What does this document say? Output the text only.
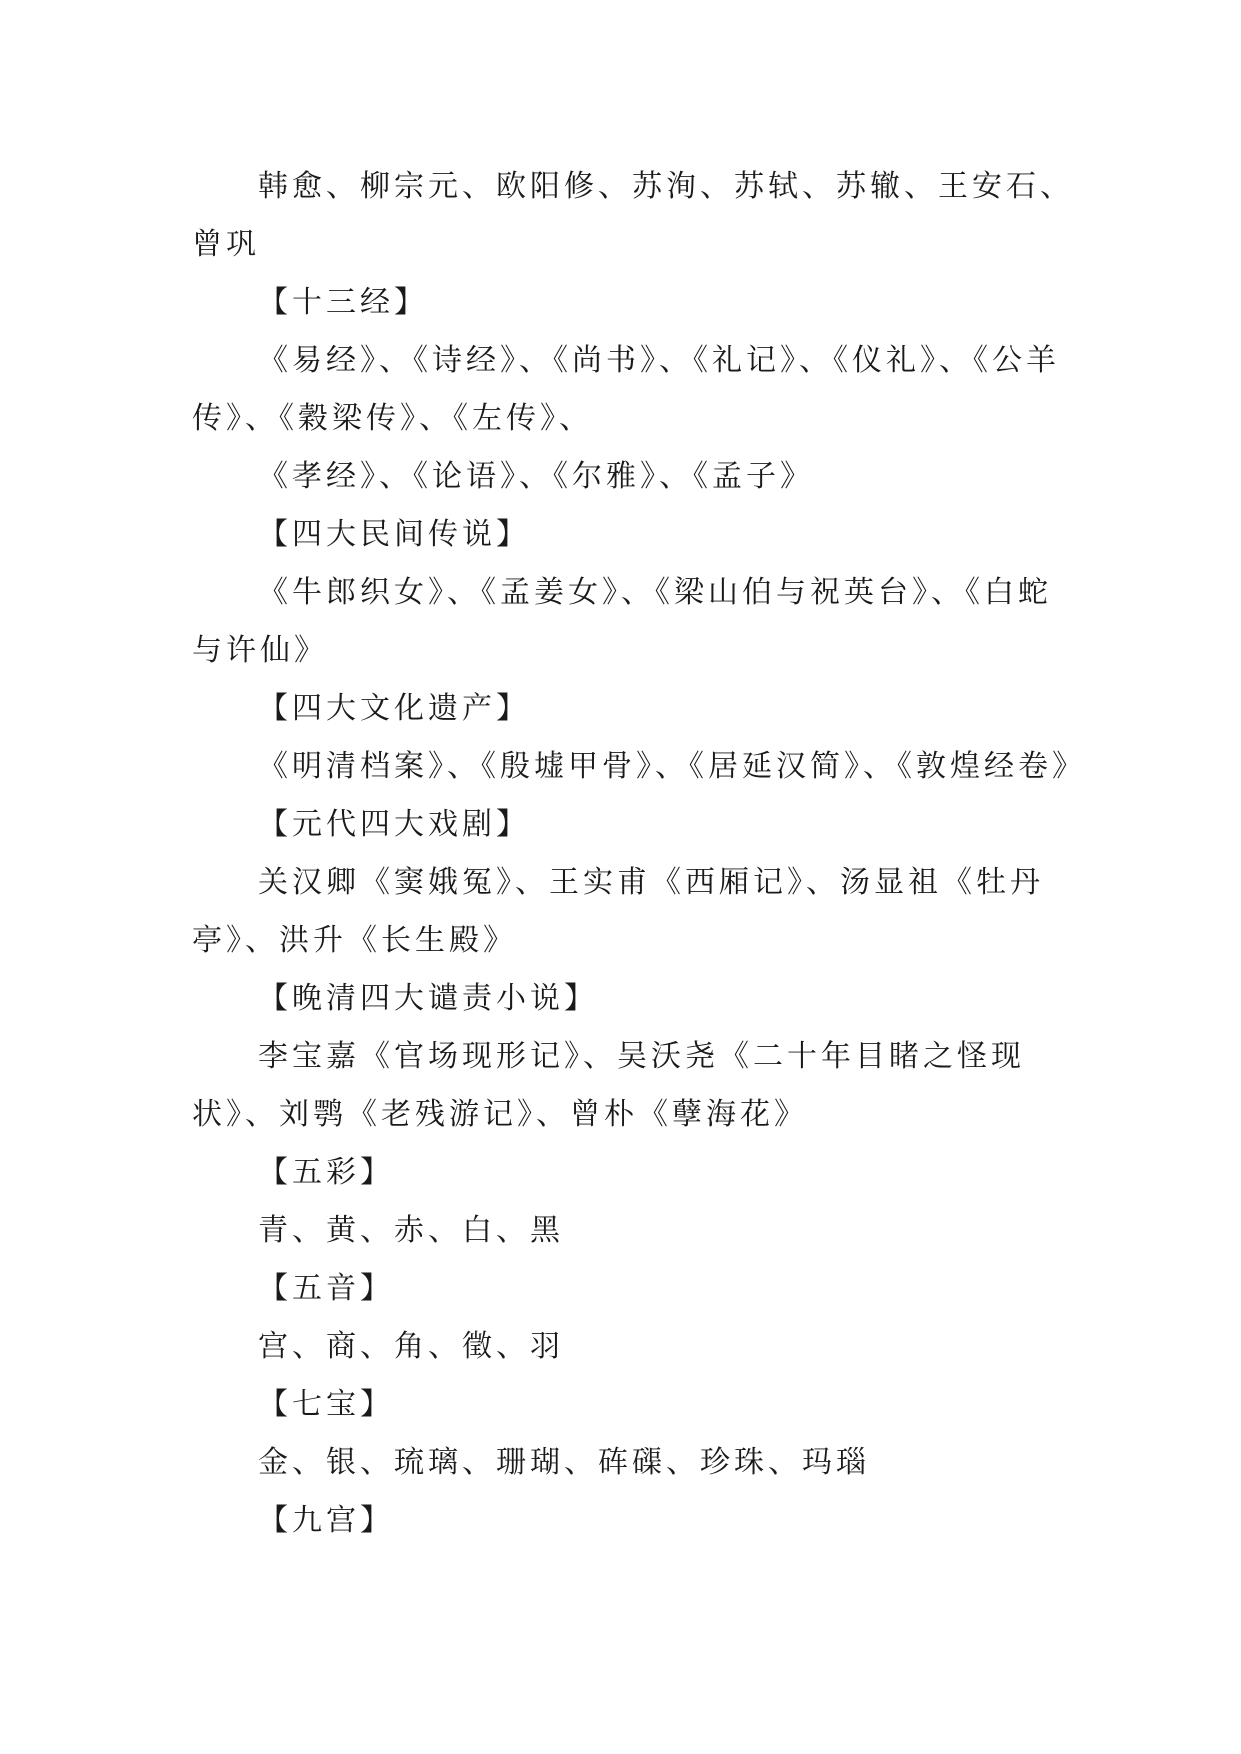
韩愈、柳宗元、欧阳修、苏洵、苏轼、苏辙、王安石、
曾巩
【十三经】
《易经》、《诗经》、《尚书》、《礼记》、《仪礼》、《公羊
传》、《穀梁传》、《左传》、
《孝经》、《论语》、《尔雅》、《孟子》
【四大民间传说】
《牛郎织女》、《孟姜女》、《梁山伯与祝英台》、《白蛇
与许仙》
【四大文化遗产】
《明清档案》、《殷墟甲骨》、《居延汉简》、《敦煌经卷》
【元代四大戏剧】
关汉卿《窦娥冤》、王实甫《西厢记》、汤显祖《牡丹
亭》、洪升《长生殿》
【晚清四大谴责小说】
李宝嘉《官场现形记》、吴沃尧《二十年目睹之怪现
状》、刘鹗《老残游记》、曾朴《孽海花》
【五彩】
青、黄、赤、白、黑
【五音】
宫、商、角、徵、羽
【七宝】
金、银、琉璃、珊瑚、砗磲、珍珠、玛瑙
【九宫】
